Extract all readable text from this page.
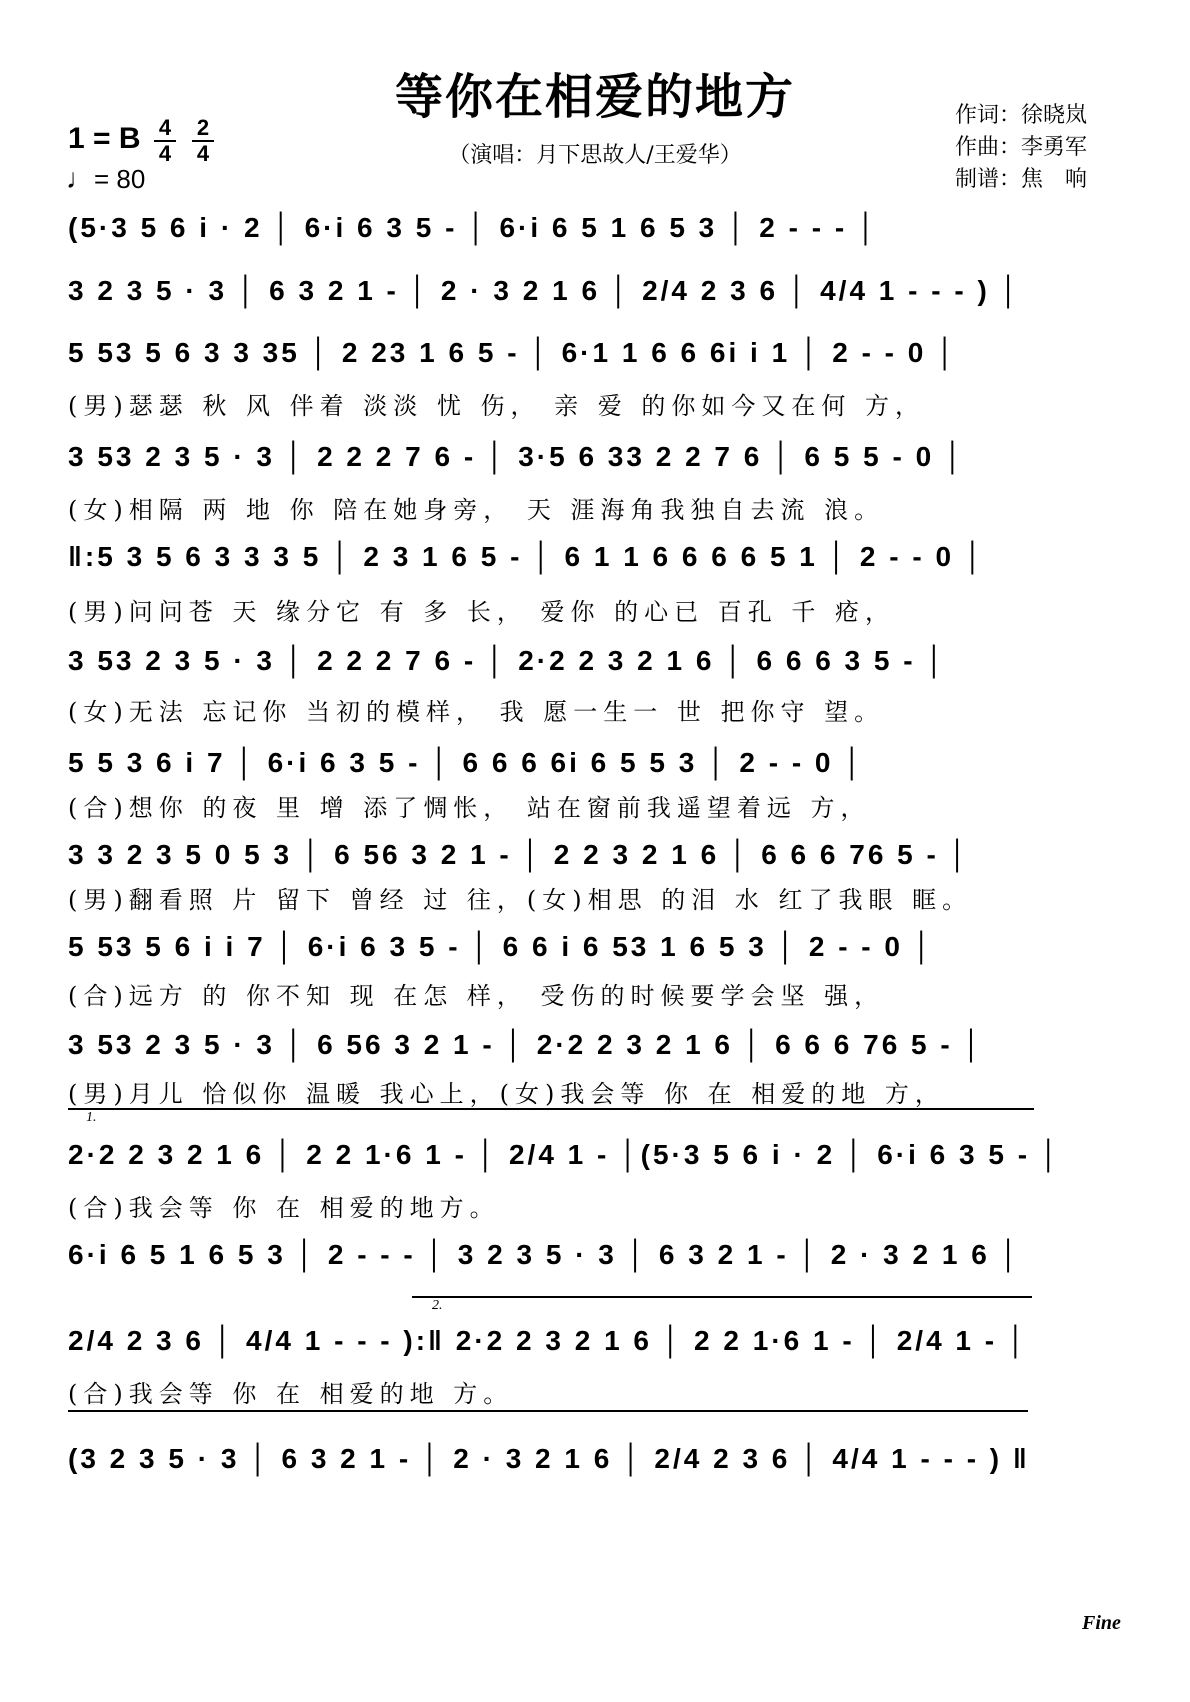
等你在相爱的地方
（演唱：月下思故人/王爱华）
1 = B 4
4
2
4
♩= 80
作词：徐晓岚
作曲：李勇军
制谱：焦　响
(5·3 5 6 i · 2 │ 6·i 6 3 5 - │ 6·i 6 5 1 6 5 3 │ 2 - - - │
3 2 3 5 · 3 │ 6 3 2 1 - │ 2 · 3 2 1 6 │ 2/4 2 3 6 │ 4/4 1 - - - ) │
5 53 5 6 3 3 35 │ 2 23 1 6 5 - │ 6·1 1 6 6 6i i 1 │ 2 - - 0 │
(男)瑟瑟 秋 风 伴着 淡淡 忧 伤， 亲 爱 的你如今又在何 方，
3 53 2 3 5 · 3 │ 2 2 2 7 6 - │ 3·5 6 33 2 2 7 6 │ 6 5 5 - 0 │
(女)相隔 两 地 你 陪在她身旁， 天 涯海角我独自去流 浪。
‖:5 3 5 6 3 3 3 5 │ 2 3 1 6 5 - │ 6 1 1 6 6 6 6 5 1 │ 2 - - 0 │
(男)问问苍 天 缘分它 有 多 长， 爱你 的心已 百孔 千 疮，
3 53 2 3 5 · 3 │ 2 2 2 7 6 - │ 2·2 2 3 2 1 6 │ 6 6 6 3 5 - │
(女)无法 忘记你 当初的模样， 我 愿一生一 世 把你守 望。
5 5 3 6 i 7 │ 6·i 6 3 5 - │ 6 6 6 6i 6 5 5 3 │ 2 - - 0 │
(合)想你 的夜 里 增 添了惆怅， 站在窗前我遥望着远 方，
3 3 2 3 5 0 5 3 │ 6 56 3 2 1 - │ 2 2 3 2 1 6 │ 6 6 6 76 5 - │
(男)翻看照 片 留下 曾经 过 往，(女)相思 的泪 水 红了我眼 眶。
5 53 5 6 i i 7 │ 6·i 6 3 5 - │ 6 6 i 6 53 1 6 5 3 │ 2 - - 0 │
(合)远方 的 你不知 现 在怎 样， 受伤的时候要学会坚 强，
3 53 2 3 5 · 3 │ 6 56 3 2 1 - │ 2·2 2 3 2 1 6 │ 6 6 6 76 5 - │
(男)月儿 恰似你 温暖 我心上，(女)我会等 你 在 相爱的地 方，
2·2 2 3 2 1 6 │ 2 2 1·6 1 - │ 2/4 1 - │(5·3 5 6 i · 2 │ 6·i 6 3 5 - │
(合)我会等 你 在 相爱的地方。
6·i 6 5 1 6 5 3 │ 2 - - - │ 3 2 3 5 · 3 │ 6 3 2 1 - │ 2 · 3 2 1 6 │
2/4 2 3 6 │ 4/4 1 - - - ):‖ 2·2 2 3 2 1 6 │ 2 2 1·6 1 - │ 2/4 1 - │
(合)我会等 你 在 相爱的地 方。
(3 2 3 5 · 3 │ 6 3 2 1 - │ 2 · 3 2 1 6 │ 2/4 2 3 6 │ 4/4 1 - - - ) ‖
1.
2.
Fine
